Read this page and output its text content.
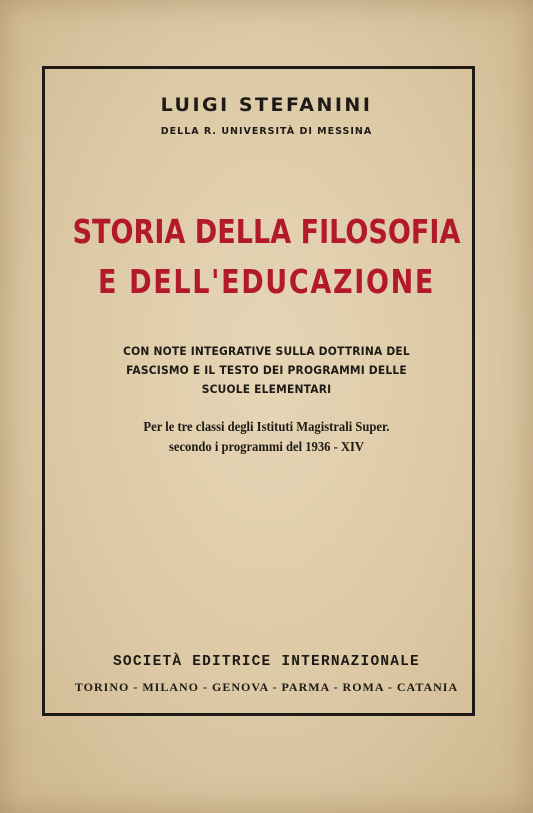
LUIGI STEFANINI
DELLA R. UNIVERSITÀ DI MESSINA
STORIA DELLA FILOSOFIA
E DELL'EDUCAZIONE
CON NOTE INTEGRATIVE SULLA DOTTRINA DEL
FASCISMO E IL TESTO DEI PROGRAMMI DELLE
SCUOLE ELEMENTARI
Per le tre classi degli Istituti Magistrali Super.
secondo i programmi del 1936 - XIV
SOCIETÀ EDITRICE INTERNAZIONALE
TORINO - MILANO - GENOVA - PARMA - ROMA - CATANIA
